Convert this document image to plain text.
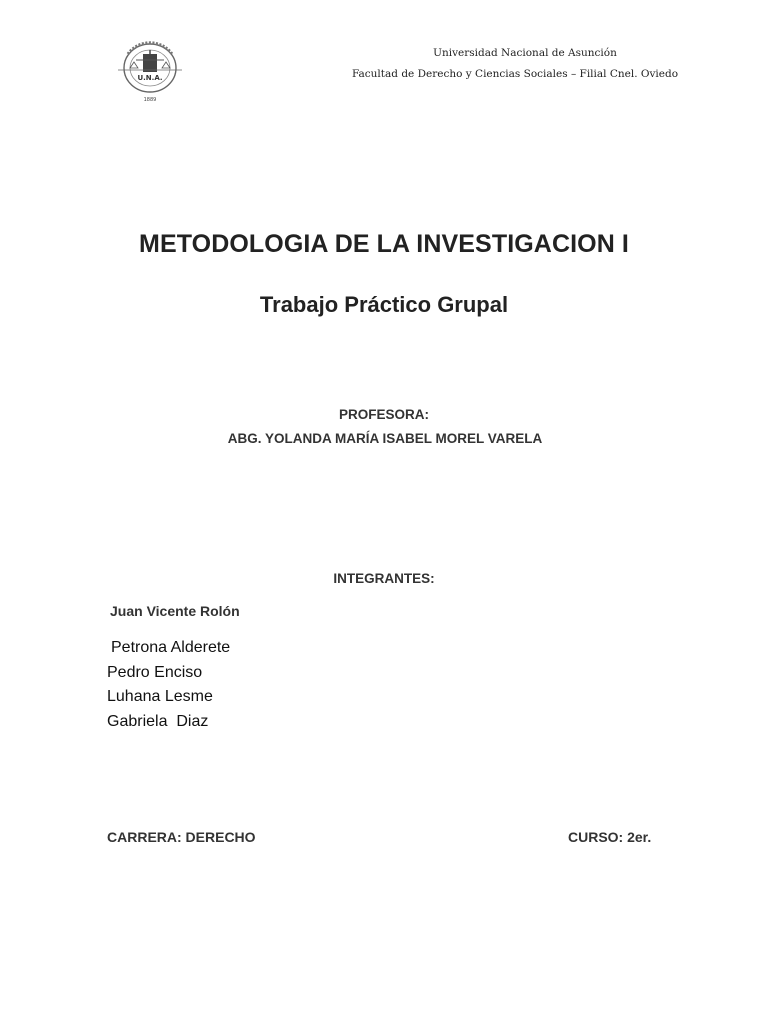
U.N.A.
1889
Universidad Nacional de Asunción
Facultad de Derecho y Ciencias Sociales – Filial Cnel. Oviedo
METODOLOGIA DE LA INVESTIGACION I
Trabajo Práctico Grupal
PROFESORA:
ABG. YOLANDA MARÍA ISABEL MOREL VARELA
INTEGRANTES:
Juan Vicente Rolón
Petrona Alderete
Pedro Enciso
Luhana Lesme
Gabriela  Diaz
CARRERA: DERECHO	CURSO: 2er.
